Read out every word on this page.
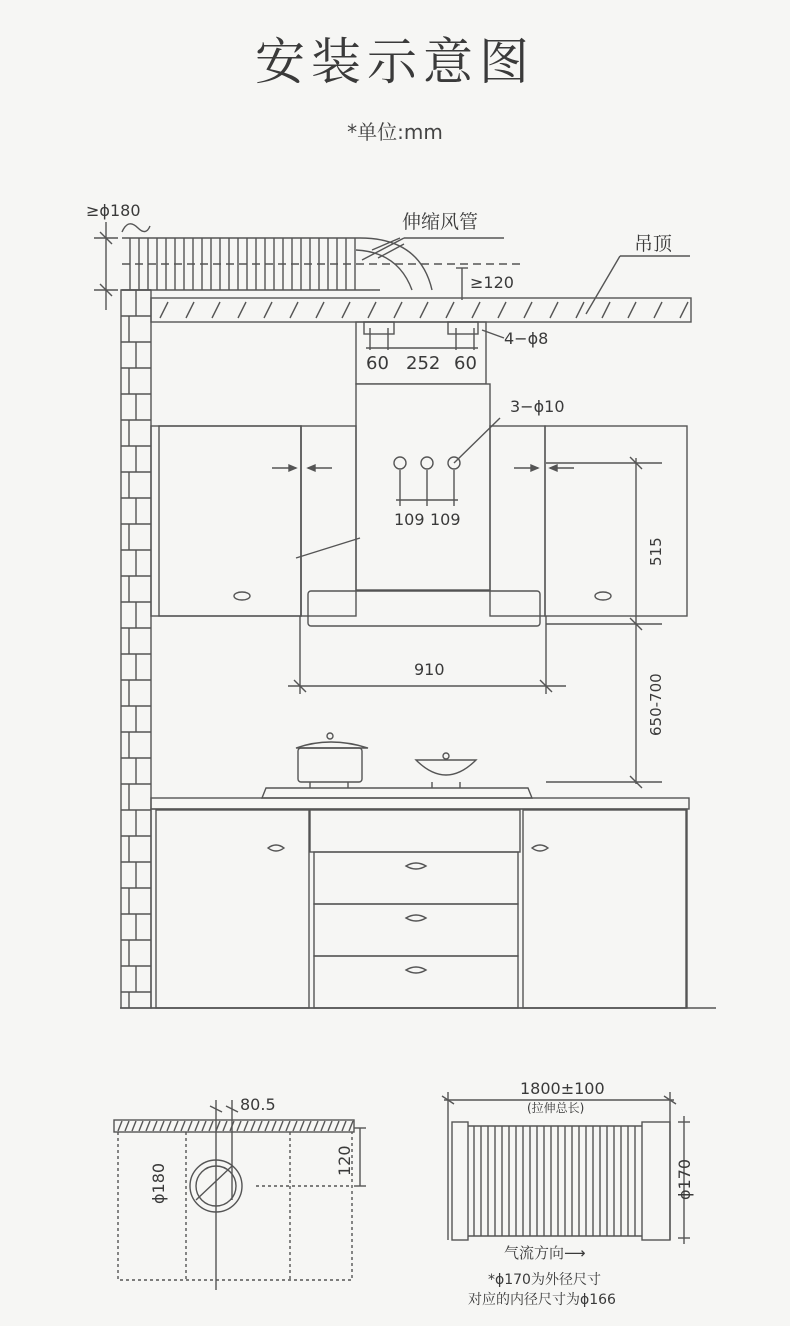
安装示意图
*单位:mm
≥ϕ180
伸缩风管
≥120
吊顶
4−ϕ8
60 252 60
3−ϕ10
109 109
515
650-700
910
80.5
120
ϕ180
1800±100
(拉伸总长)
ϕ170
气流方向⟶
*ϕ170为外径尺寸
对应的内径尺寸为ϕ166
